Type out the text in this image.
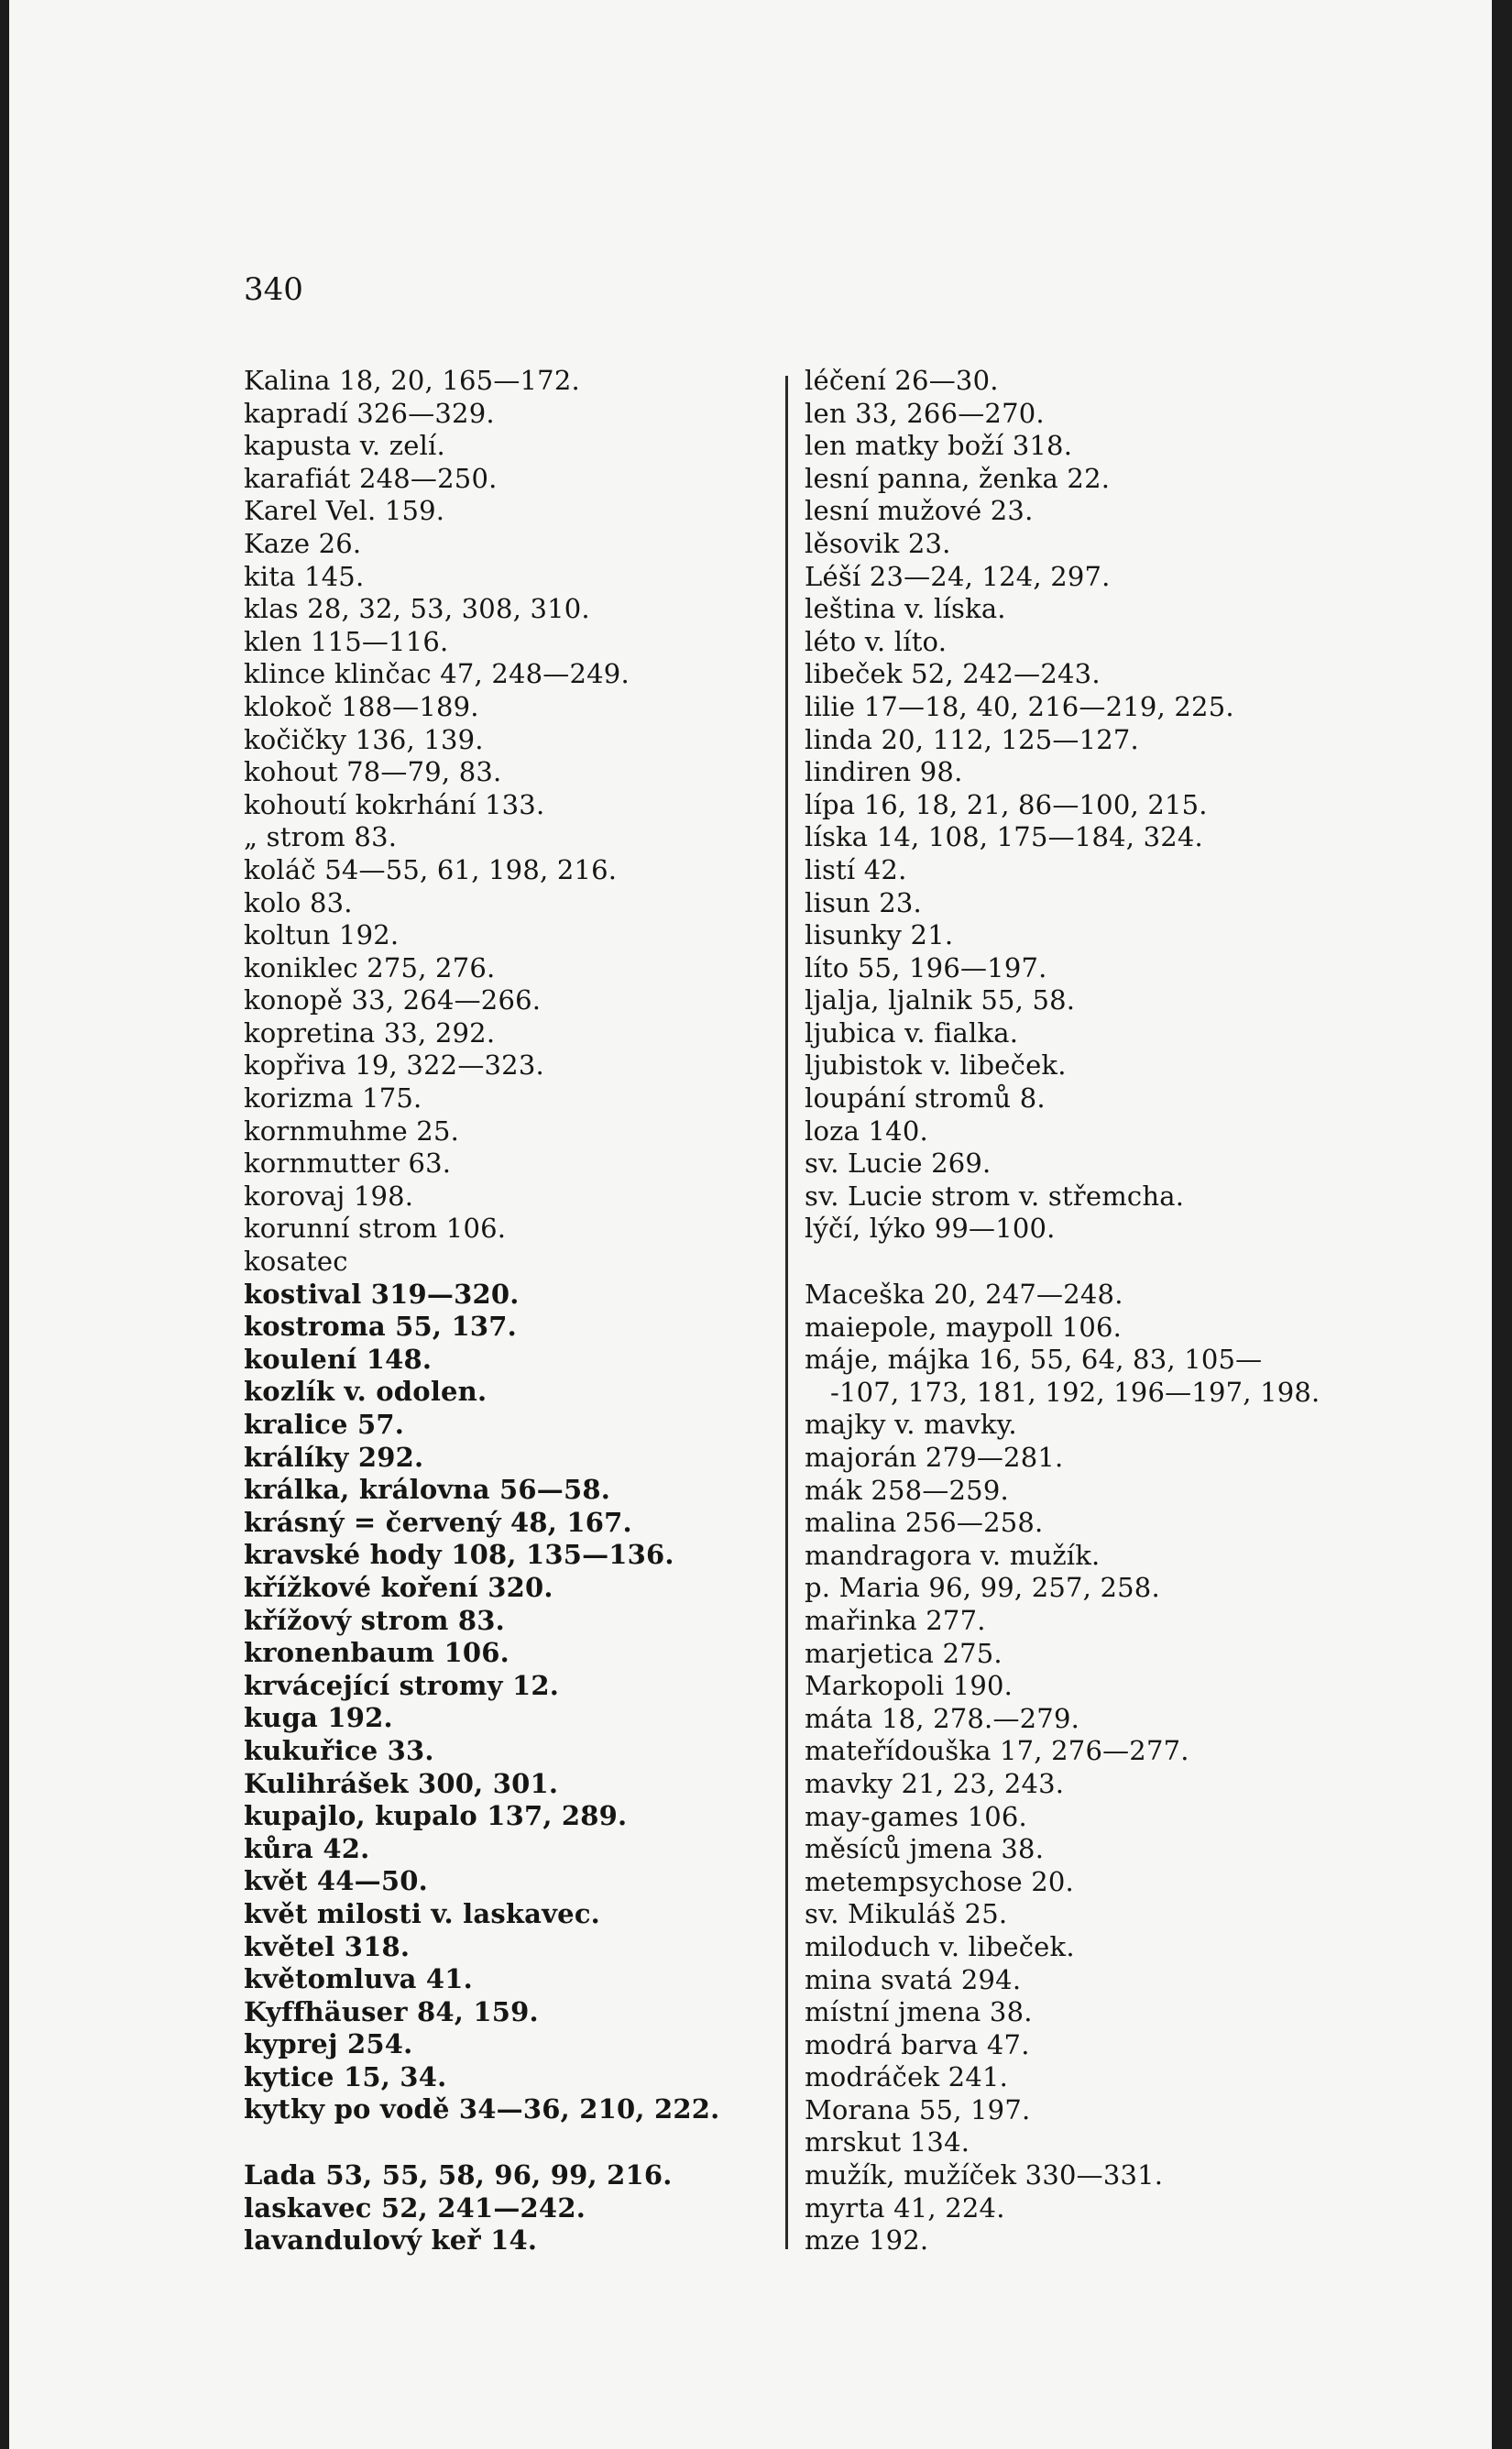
340
Kalina 18, 20, 165—172.
kapradí 326—329.
kapusta v. zelí.
karafiát 248—250.
Karel Vel. 159.
Kaze 26.
kita 145.
klas 28, 32, 53, 308, 310.
klen 115—116.
klince klinčac 47, 248—249.
klokoč 188—189.
kočičky 136, 139.
kohout 78—79, 83.
kohoutí kokrhání 133.
„ strom 83.
koláč 54—55, 61, 198, 216.
kolo 83.
koltun 192.
koniklec 275, 276.
konopě 33, 264—266.
kopretina 33, 292.
kopřiva 19, 322—323.
korizma 175.
kornmuhme 25.
kornmutter 63.
korovaj 198.
korunní strom 106.
kosatec
kostival 319—320.
kostroma 55, 137.
koulení 148.
kozlík v. odolen.
kralice 57.
králíky 292.
králka, královna 56—58.
krásný = červený 48, 167.
kravské hody 108, 135—136.
křížkové koření 320.
křížový strom 83.
kronenbaum 106.
krvácející stromy 12.
kuga 192.
kukuřice 33.
Kulihrášek 300, 301.
kupajlo, kupalo 137, 289.
kůra 42.
květ 44—50.
květ milosti v. laskavec.
květel 318.
květomluva 41.
Kyffhäuser 84, 159.
kyprej 254.
kytice 15, 34.
kytky po vodě 34—36, 210, 222.
Lada 53, 55, 58, 96, 99, 216.
laskavec 52, 241—242.
lavandulový keř 14.
léčení 26—30.
len 33, 266—270.
len matky boží 318.
lesní panna, ženka 22.
lesní mužové 23.
lěsovik 23.
Léší 23—24, 124, 297.
leština v. líska.
léto v. líto.
libeček 52, 242—243.
lilie 17—18, 40, 216—219, 225.
linda 20, 112, 125—127.
lindiren 98.
lípa 16, 18, 21, 86—100, 215.
líska 14, 108, 175—184, 324.
listí 42.
lisun 23.
lisunky 21.
líto 55, 196—197.
ljalja, ljalnik 55, 58.
ljubica v. fialka.
ljubistok v. libeček.
loupání stromů 8.
loza 140.
sv. Lucie 269.
sv. Lucie strom v. střemcha.
lýčí, lýko 99—100.
Maceška 20, 247—248.
maiepole, maypoll 106.
máje, májka 16, 55, 64, 83, 105—
-107, 173, 181, 192, 196—197, 198.
majky v. mavky.
majorán 279—281.
mák 258—259.
malina 256—258.
mandragora v. mužík.
p. Maria 96, 99, 257, 258.
mařinka 277.
marjetica 275.
Markopoli 190.
máta 18, 278.—279.
mateřídouška 17, 276—277.
mavky 21, 23, 243.
may-games 106.
měsíců jmena 38.
metempsychose 20.
sv. Mikuláš 25.
miloduch v. libeček.
mina svatá 294.
místní jmena 38.
modrá barva 47.
modráček 241.
Morana 55, 197.
mrskut 134.
mužík, mužíček 330—331.
myrta 41, 224.
mze 192.
